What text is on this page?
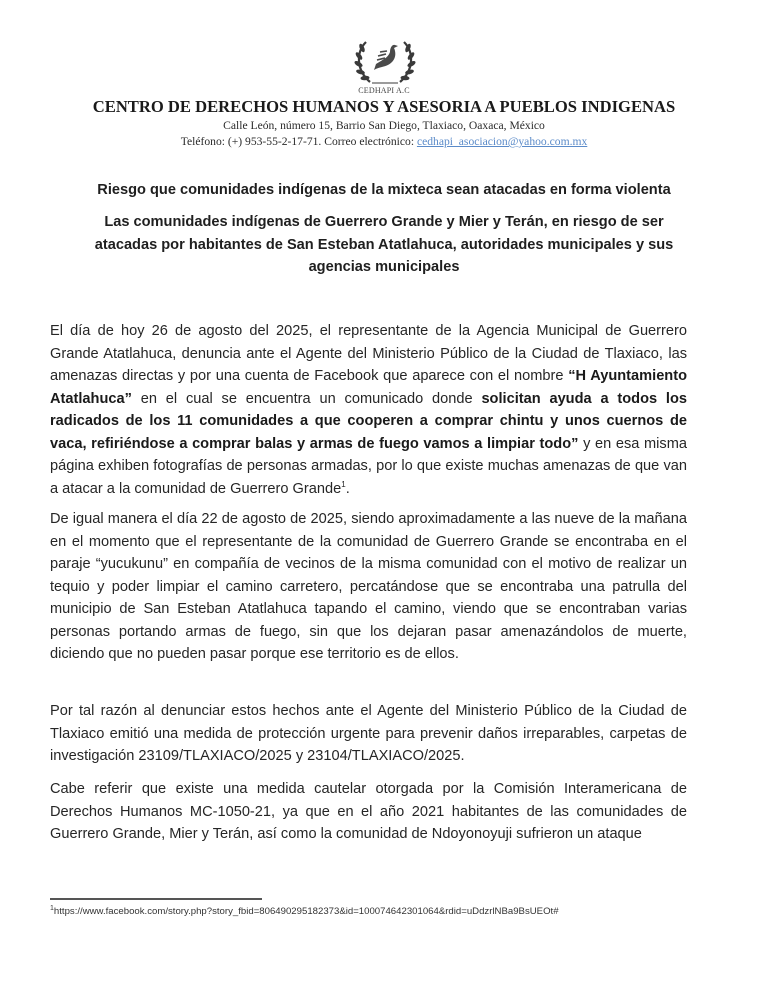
CEDHAPI A.C
CENTRO DE DERECHOS HUMANOS Y ASESORIA A PUEBLOS INDIGENAS
Calle León, número 15, Barrio San Diego, Tlaxiaco, Oaxaca, México
Teléfono: (+) 953-55-2-17-71. Correo electrónico: cedhapi_asociacion@yahoo.com.mx
Riesgo que comunidades indígenas de la mixteca sean atacadas en forma violenta
Las comunidades indígenas de Guerrero Grande y Mier y Terán, en riesgo de ser atacadas por habitantes de San Esteban Atatlahuca, autoridades municipales y sus agencias municipales

El día de hoy 26 de agosto del 2025, el representante de la Agencia Municipal de Guerrero Grande Atatlahuca, denuncia ante el Agente del Ministerio Público de la Ciudad de Tlaxiaco, las amenazas directas y por una cuenta de Facebook que aparece con el nombre “H Ayuntamiento Atatlahuca” en el cual se encuentra un comunicado donde solicitan ayuda a todos los radicados de los 11 comunidades a que cooperen a comprar chintu y unos cuernos de vaca, refiriéndose a comprar balas y armas de fuego vamos a limpiar todo” y en esa misma página exhiben fotografías de personas armadas, por lo que existe muchas amenazas de que van a atacar a la comunidad de Guerrero Grande$^1$.

De igual manera el día 22 de agosto de 2025, siendo aproximadamente a las nueve de la mañana en el momento que el representante de la comunidad de Guerrero Grande se encontraba en el paraje “yucukunu” en compañía de vecinos de la misma comunidad con el motivo de realizar un tequio y poder limpiar el camino carretero, percatándose que se encontraba una patrulla del municipio de San Esteban Atatlahuca tapando el camino, viendo que se encontraban varias personas portando armas de fuego, sin que los dejaran pasar amenazándolos de muerte, diciendo que no pueden pasar porque ese territorio es de ellos.

Por tal razón al denunciar estos hechos ante el Agente del Ministerio Público de la Ciudad de Tlaxiaco emitió una medida de protección urgente para prevenir daños irreparables, carpetas de investigación 23109/TLAXIACO/2025 y 23104/TLAXIACO/2025.

Cabe referir que existe una medida cautelar otorgada por la Comisión Interamericana de Derechos Humanos MC-1050-21, ya que en el año 2021 habitantes de las comunidades de Guerrero Grande, Mier y Terán, así como la comunidad de Ndoyonoyuji sufrieron un ataque

$^1$https://www.facebook.com/story.php?story_fbid=806490295182373&id=100074642301064&rdid=uDdzrlNBa9BsUEOt#
